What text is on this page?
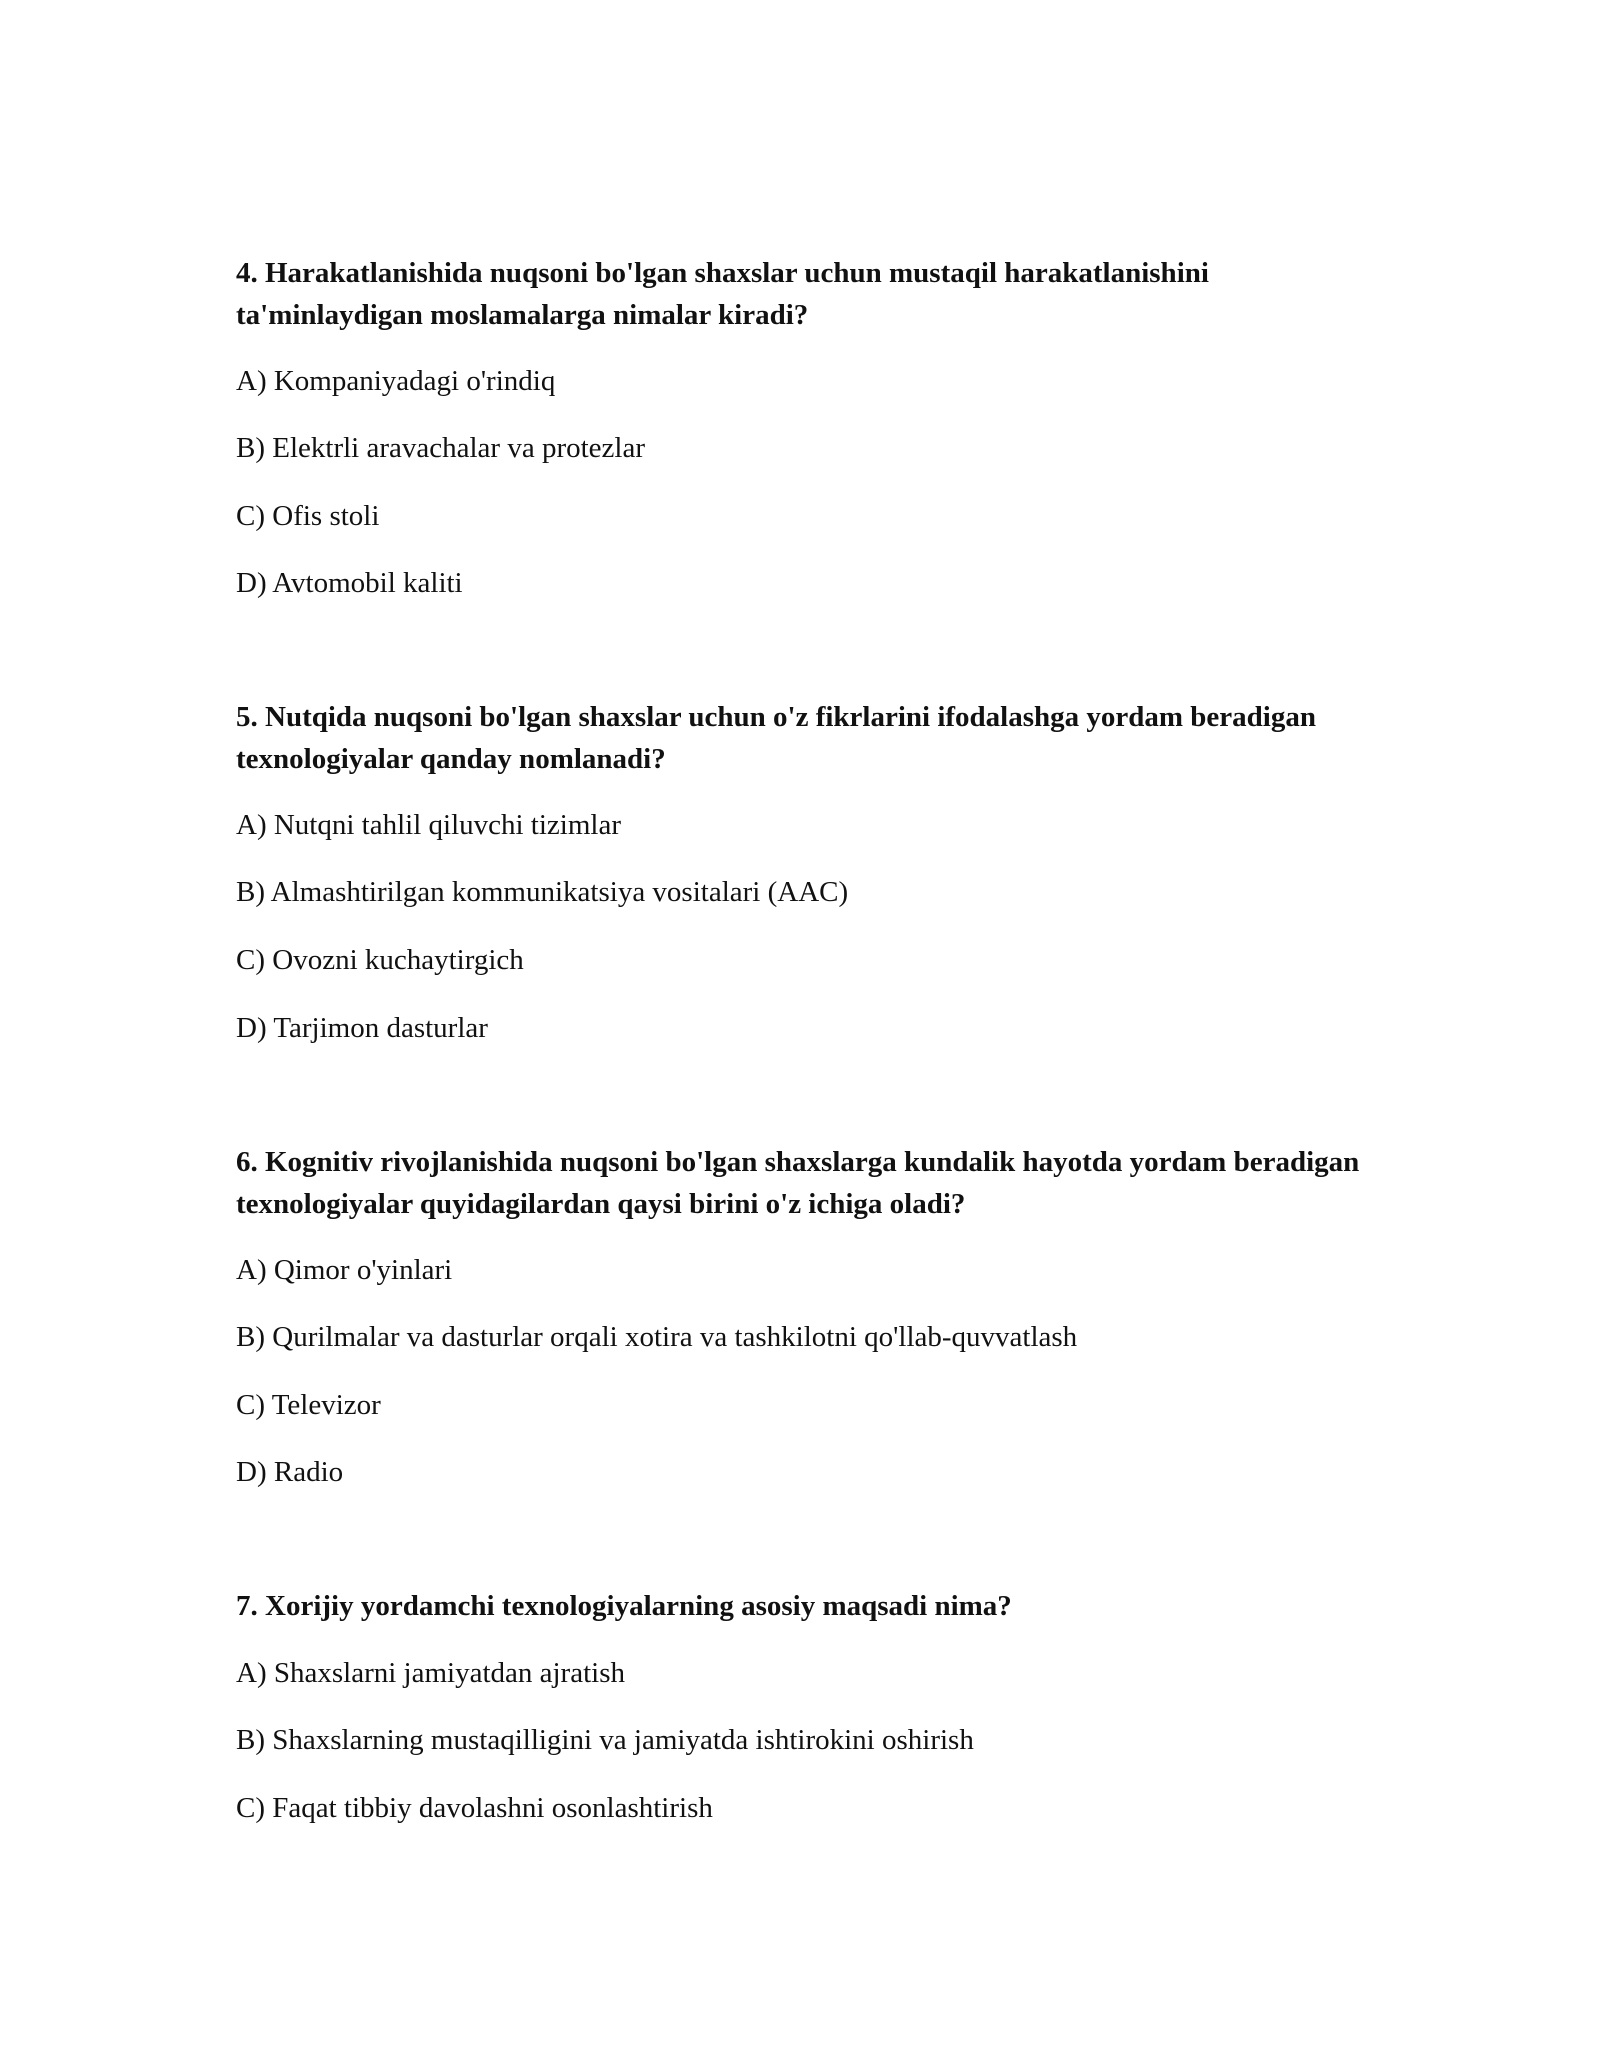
4. Harakatlanishida nuqsoni bo'lgan shaxslar uchun mustaqil harakatlanishini ta'minlaydigan moslamalarga nimalar kiradi?

A) Kompaniyadagi o'rindiq

B) Elektrli aravachalar va protezlar

C) Ofis stoli

D) Avtomobil kaliti

5. Nutqida nuqsoni bo'lgan shaxslar uchun o'z fikrlarini ifodalashga yordam beradigan texnologiyalar qanday nomlanadi?

A) Nutqni tahlil qiluvchi tizimlar

B) Almashtirilgan kommunikatsiya vositalari (AAC)

C) Ovozni kuchaytirgich

D) Tarjimon dasturlar

6. Kognitiv rivojlanishida nuqsoni bo'lgan shaxslarga kundalik hayotda yordam beradigan texnologiyalar quyidagilardan qaysi birini o'z ichiga oladi?

A) Qimor o'yinlari

B) Qurilmalar va dasturlar orqali xotira va tashkilotni qo'llab-quvvatlash

C) Televizor

D) Radio

7. Xorijiy yordamchi texnologiyalarning asosiy maqsadi nima?

A) Shaxslarni jamiyatdan ajratish

B) Shaxslarning mustaqilligini va jamiyatda ishtirokini oshirish

C) Faqat tibbiy davolashni osonlashtirish
